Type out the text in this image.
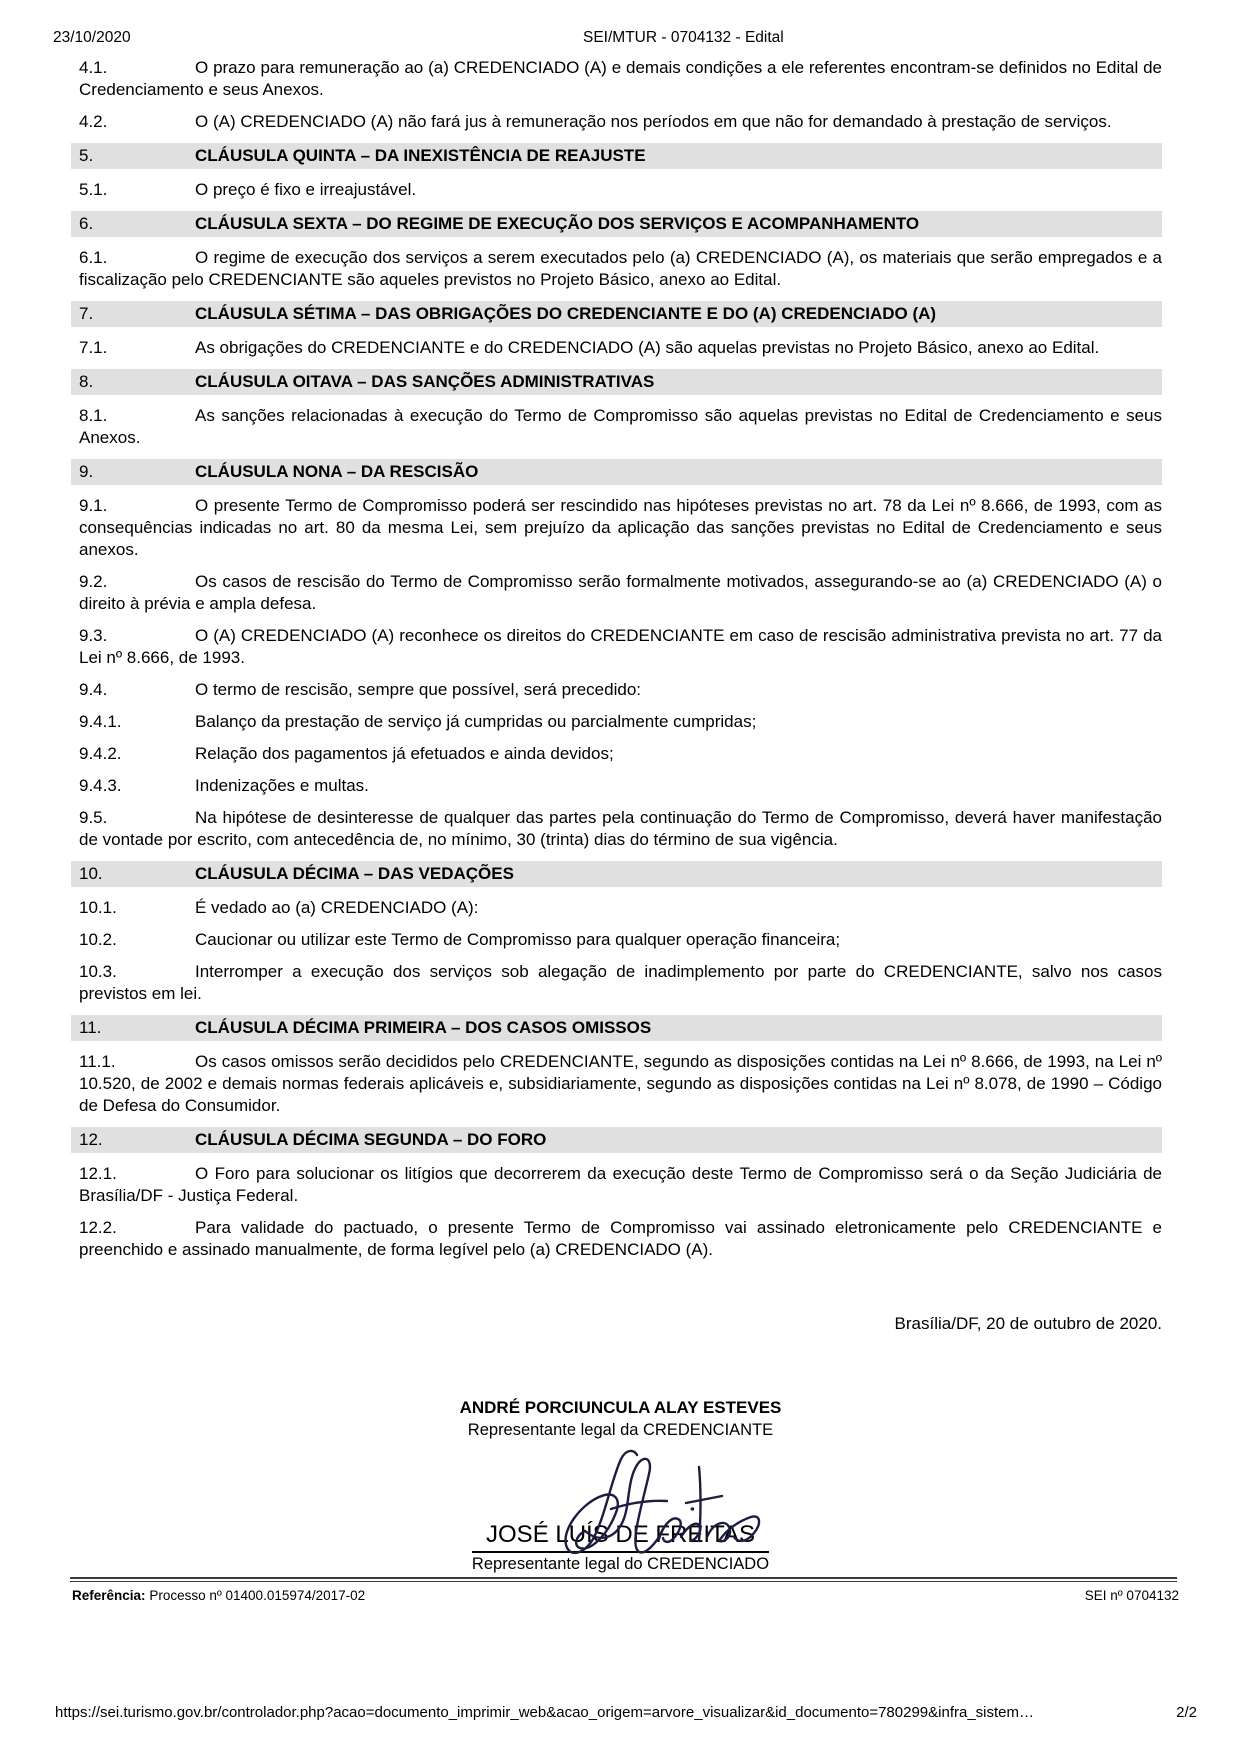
23/10/2020	SEI/MTUR - 0704132 - Edital
4.1.	O prazo para remuneração ao (a) CREDENCIADO (A) e demais condições a ele referentes encontram-se definidos no Edital de Credenciamento e seus Anexos.
4.2.	O (A) CREDENCIADO (A) não fará jus à remuneração nos períodos em que não for demandado à prestação de serviços.
5.	CLÁUSULA QUINTA – DA INEXISTÊNCIA DE REAJUSTE
5.1.	O preço é fixo e irreajustável.
6.	CLÁUSULA SEXTA – DO REGIME DE EXECUÇÃO DOS SERVIÇOS E ACOMPANHAMENTO
6.1.	O regime de execução dos serviços a serem executados pelo (a) CREDENCIADO (A), os materiais que serão empregados e a fiscalização pelo CREDENCIANTE são aqueles previstos no Projeto Básico, anexo ao Edital.
7.	CLÁUSULA SÉTIMA – DAS OBRIGAÇÕES DO CREDENCIANTE E DO (A) CREDENCIADO (A)
7.1.	As obrigações do CREDENCIANTE e do CREDENCIADO (A) são aquelas previstas no Projeto Básico, anexo ao Edital.
8.	CLÁUSULA OITAVA – DAS SANÇÕES ADMINISTRATIVAS
8.1.	As sanções relacionadas à execução do Termo de Compromisso são aquelas previstas no Edital de Credenciamento e seus Anexos.
9.	CLÁUSULA NONA – DA RESCISÃO
9.1.	O presente Termo de Compromisso poderá ser rescindido nas hipóteses previstas no art. 78 da Lei nº 8.666, de 1993, com as consequências indicadas no art. 80 da mesma Lei, sem prejuízo da aplicação das sanções previstas no Edital de Credenciamento e seus anexos.
9.2.	Os casos de rescisão do Termo de Compromisso serão formalmente motivados, assegurando-se ao (a) CREDENCIADO (A) o direito à prévia e ampla defesa.
9.3.	O (A) CREDENCIADO (A) reconhece os direitos do CREDENCIANTE em caso de rescisão administrativa prevista no art. 77 da Lei nº 8.666, de 1993.
9.4.	O termo de rescisão, sempre que possível, será precedido:
9.4.1.	Balanço da prestação de serviço já cumpridas ou parcialmente cumpridas;
9.4.2.	Relação dos pagamentos já efetuados e ainda devidos;
9.4.3.	Indenizações e multas.
9.5.	Na hipótese de desinteresse de qualquer das partes pela continuação do Termo de Compromisso, deverá haver manifestação de vontade por escrito, com antecedência de, no mínimo, 30 (trinta) dias do término de sua vigência.
10.	CLÁUSULA DÉCIMA – DAS VEDAÇÕES
10.1.	É vedado ao (a) CREDENCIADO (A):
10.2.	Caucionar ou utilizar este Termo de Compromisso para qualquer operação financeira;
10.3.	Interromper a execução dos serviços sob alegação de inadimplemento por parte do CREDENCIANTE, salvo nos casos previstos em lei.
11.	CLÁUSULA DÉCIMA PRIMEIRA – DOS CASOS OMISSOS
11.1.	Os casos omissos serão decididos pelo CREDENCIANTE, segundo as disposições contidas na Lei nº 8.666, de 1993, na Lei nº 10.520, de 2002 e demais normas federais aplicáveis e, subsidiariamente, segundo as disposições contidas na Lei nº 8.078, de 1990 – Código de Defesa do Consumidor.
12.	CLÁUSULA DÉCIMA SEGUNDA – DO FORO
12.1.	O Foro para solucionar os litígios que decorrerem da execução deste Termo de Compromisso será o da Seção Judiciária de Brasília/DF - Justiça Federal.
12.2.	Para validade do pactuado, o presente Termo de Compromisso vai assinado eletronicamente pelo CREDENCIANTE e preenchido e assinado manualmente, de forma legível pelo (a) CREDENCIADO (A).
Brasília/DF, 20 de outubro de 2020.
ANDRÉ PORCIUNCULA ALAY ESTEVES
Representante legal da CREDENCIANTE
JOSÉ LUÍS DE FREITAS
Representante legal do CREDENCIADO
Referência: Processo nº 01400.015974/2017-02	SEI nº 0704132
https://sei.turismo.gov.br/controlador.php?acao=documento_imprimir_web&acao_origem=arvore_visualizar&id_documento=780299&infra_sistem…	2/2
